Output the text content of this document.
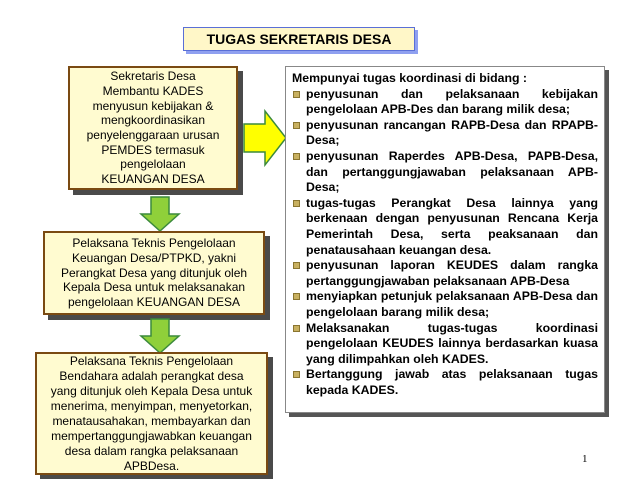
TUGAS SEKRETARIS DESA
Sekretaris Desa
Membantu KADES
menyusun kebijakan &
mengkoordinasikan
penyelenggaraan urusan
PEMDES termasuk
pengelolaan
KEUANGAN DESA
Pelaksana Teknis Pengelolaan
Keuangan Desa/PTPKD, yakni
Perangkat Desa yang ditunjuk oleh
Kepala Desa untuk melaksanakan
pengelolaan KEUANGAN DESA
Pelaksana Teknis Pengelolaan
Bendahara adalah perangkat desa
yang ditunjuk oleh Kepala Desa untuk
menerima, menyimpan, menyetorkan,
menatausahakan, membayarkan dan
mempertanggungjawabkan keuangan
desa dalam rangka pelaksanaan
APBDesa.

Mempunyai tugas koordinasi di bidang :

penyusunan dan pelaksanaan kebijakan pengelolaan APB-Des dan barang milik desa;
penyusunan rancangan RAPB-Desa dan RPAPB-Desa;
penyusunan Raperdes APB-Desa, PAPB-Desa, dan pertanggungjawaban pelaksanaan APB-Desa;
tugas-tugas Perangkat Desa lainnya yang berkenaan dengan penyusunan Rencana Kerja Pemerintah Desa, serta peaksanaan dan penatausahaan keuangan desa.
penyusunan laporan KEUDES dalam rangka pertanggungjawaban pelaksanaan APB-Desa
menyiapkan petunjuk pelaksanaan APB-Desa dan pengelolaan barang milik desa;
Melaksanakan tugas-tugas koordinasi pengelolaan KEUDES lainnya berdasarkan kuasa yang dilimpahkan oleh KADES.
Bertanggung jawab atas pelaksanaan tugas kepada KADES.
1
